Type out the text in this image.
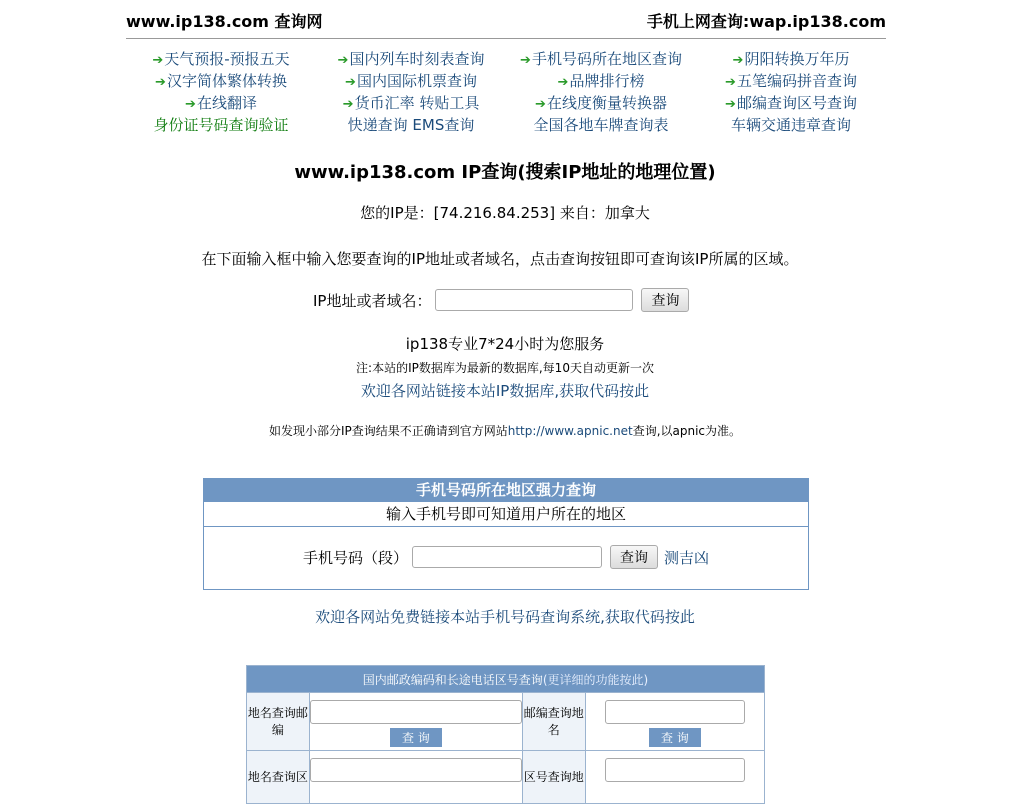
www.ip138.com 查询网	手机上网查询:wap.ip138.com
➔天气预报-预报五天	➔国内列车时刻表查询	➔手机号码所在地区查询	➔阴阳转换万年历
➔汉字简体繁体转换	➔国内国际机票查询	➔品牌排行榜	➔五笔编码拼音查询
➔在线翻译	➔货币汇率 转贴工具	➔在线度衡量转换器	➔邮编查询区号查询
身份证号码查询验证	快递查询 EMS查询	全国各地车牌查询表	车辆交通违章查询
www.ip138.com IP查询(搜索IP地址的地理位置)
您的IP是：[74.216.84.253] 来自：加拿大
在下面输入框中输入您要查询的IP地址或者域名，点击查询按钮即可查询该IP所属的区域。
IP地址或者域名：	查询
ip138专业7*24小时为您服务
注:本站的IP数据库为最新的数据库,每10天自动更新一次
欢迎各网站链接本站IP数据库,获取代码按此
如发现小部分IP查询结果不正确请到官方网站http://www.apnic.net查询,以apnic为准。
手机号码所在地区强力查询
输入手机号即可知道用户所在的地区
手机号码（段）	查询	测吉凶
欢迎各网站免费链接本站手机号码查询系统,获取代码按此
国内邮政编码和长途电话区号查询(更详细的功能按此)			
地名查询邮编	查 询	邮编查询地名	查 询
地名查询区		区号查询地	
